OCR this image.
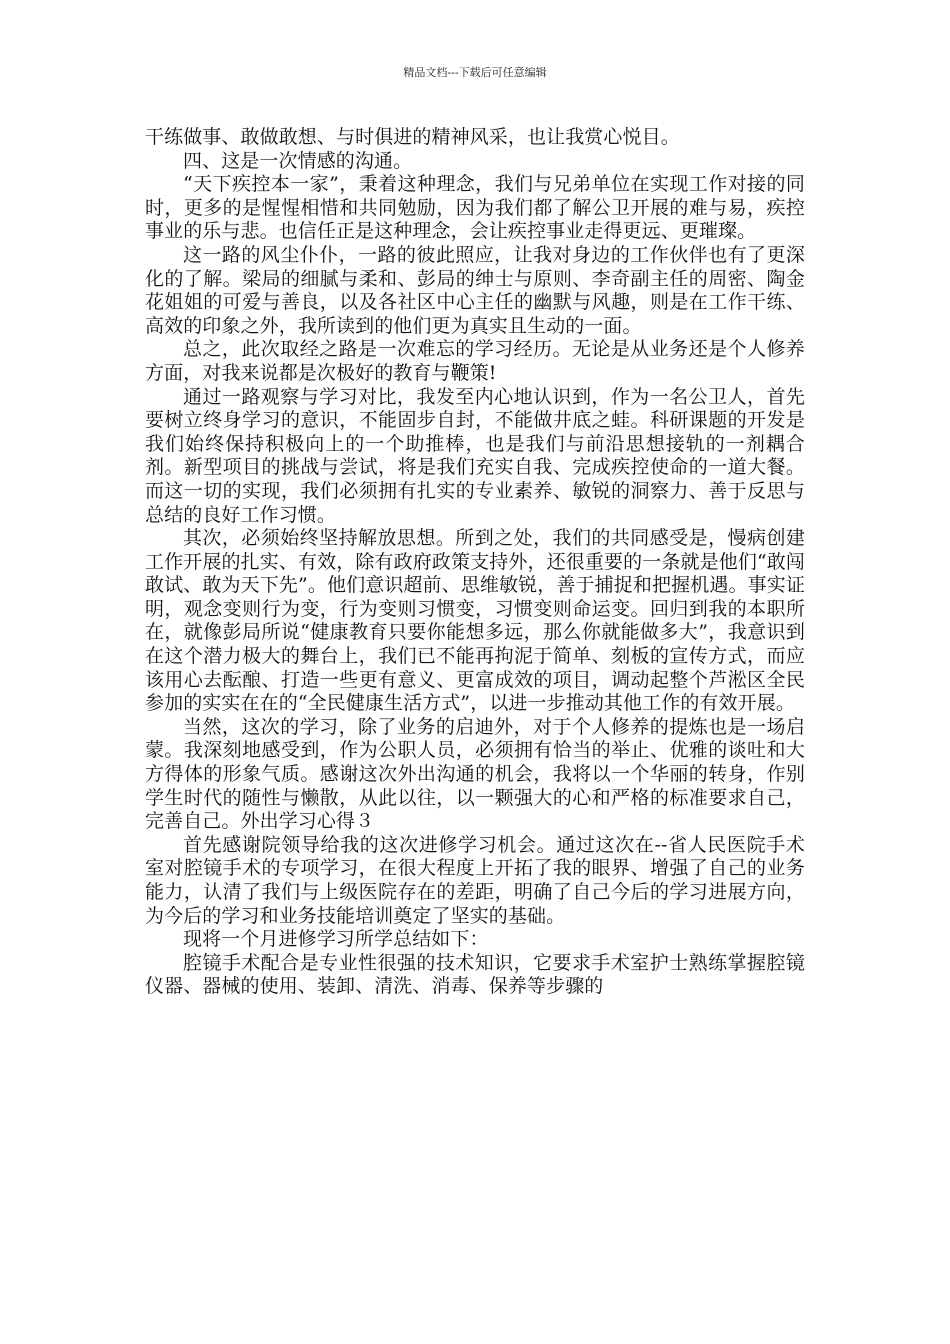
精品文档---下载后可任意编辑

干练做事、敢做敢想、与时俱进的精神风采，也让我赏心悦目。

四、这是一次情感的沟通。

“天下疾控本一家”，秉着这种理念，我们与兄弟单位在实现工作对接的同时，更多的是惺惺相惜和共同勉励，因为我们都了解公卫开展的难与易，疾控事业的乐与悲。也信任正是这种理念，会让疾控事业走得更远、更璀璨。

这一路的风尘仆仆，一路的彼此照应，让我对身边的工作伙伴也有了更深化的了解。梁局的细腻与柔和、彭局的绅士与原则、李奇副主任的周密、陶金花姐姐的可爱与善良，以及各社区中心主任的幽默与风趣，则是在工作干练、高效的印象之外，我所读到的他们更为真实且生动的一面。

总之，此次取经之路是一次难忘的学习经历。无论是从业务还是个人修养方面，对我来说都是次极好的教育与鞭策!

通过一路观察与学习对比，我发至内心地认识到，作为一名公卫人，首先要树立终身学习的意识，不能固步自封，不能做井底之蛙。科研课题的开发是我们始终保持积极向上的一个助推棒，也是我们与前沿思想接轨的一剂耦合剂。新型项目的挑战与尝试，将是我们充实自我、完成疾控使命的一道大餐。而这一切的实现，我们必须拥有扎实的专业素养、敏锐的洞察力、善于反思与总结的良好工作习惯。

其次，必须始终坚持解放思想。所到之处，我们的共同感受是，慢病创建工作开展的扎实、有效，除有政府政策支持外，还很重要的一条就是他们“敢闯敢试、敢为天下先”。他们意识超前、思维敏锐，善于捕捉和把握机遇。事实证明，观念变则行为变，行为变则习惯变，习惯变则命运变。回归到我的本职所在，就像彭局所说“健康教育只要你能想多远，那么你就能做多大”，我意识到在这个潜力极大的舞台上，我们已不能再拘泥于简单、刻板的宣传方式，而应该用心去酝酿、打造一些更有意义、更富成效的项目，调动起整个芦淞区全民参加的实实在在的“全民健康生活方式”，以进一步推动其他工作的有效开展。

当然，这次的学习，除了业务的启迪外，对于个人修养的提炼也是一场启蒙。我深刻地感受到，作为公职人员，必须拥有恰当的举止、优雅的谈吐和大方得体的形象气质。感谢这次外出沟通的机会，我将以一个华丽的转身，作别学生时代的随性与懒散，从此以往，以一颗强大的心和严格的标准要求自己，完善自己。外出学习心得３

首先感谢院领导给我的这次进修学习机会。通过这次在--省人民医院手术室对腔镜手术的专项学习，在很大程度上开拓了我的眼界、增强了自己的业务能力，认清了我们与上级医院存在的差距，明确了自己今后的学习进展方向，为今后的学习和业务技能培训奠定了坚实的基础。

现将一个月进修学习所学总结如下：

腔镜手术配合是专业性很强的技术知识，它要求手术室护士熟练掌握腔镜仪器、器械的使用、装卸、清洗、消毒、保养等步骤的
